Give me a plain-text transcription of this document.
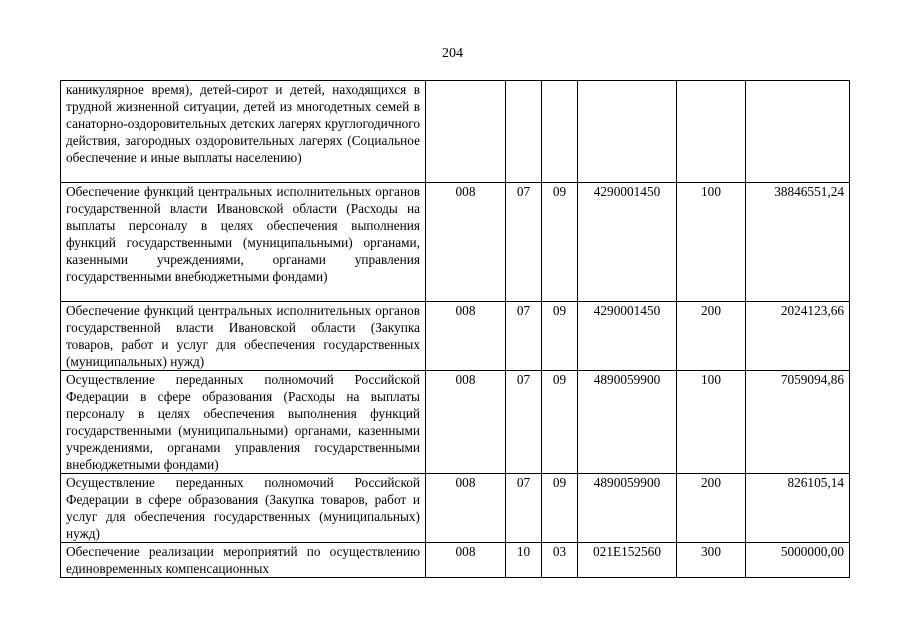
204
каникулярное время), детей-сирот и детей, находящихся в трудной жизненной ситуации, детей из многодетных семей в санаторно-оздоровительных детских лагерях круглогодичного действия, загородных оздоровительных лагерях (Социальное обеспечение и иные выплаты населению)						
Обеспечение функций центральных исполнительных органов государственной власти Ивановской области (Расходы на выплаты персоналу в целях обеспечения выполнения функций государственными (муниципальными) органами, казенными учреждениями, органами управления государственными внебюджетными фондами)	008	07	09	4290001450	100	38846551,24
Обеспечение функций центральных исполнительных органов государственной власти Ивановской области (Закупка товаров, работ и услуг для обеспечения государственных (муниципальных) нужд)	008	07	09	4290001450	200	2024123,66
Осуществление переданных полномочий Российской Федерации в сфере образования (Расходы на выплаты персоналу в целях обеспечения выполнения функций государственными (муниципальными) органами, казенными учреждениями, органами управления государственными внебюджетными фондами)	008	07	09	4890059900	100	7059094,86
Осуществление переданных полномочий Российской Федерации в сфере образования (Закупка товаров, работ и услуг для обеспечения государственных (муниципальных) нужд)	008	07	09	4890059900	200	826105,14
Обеспечение реализации мероприятий по осуществлению единовременных компенсационных	008	10	03	021E152560	300	5000000,00
